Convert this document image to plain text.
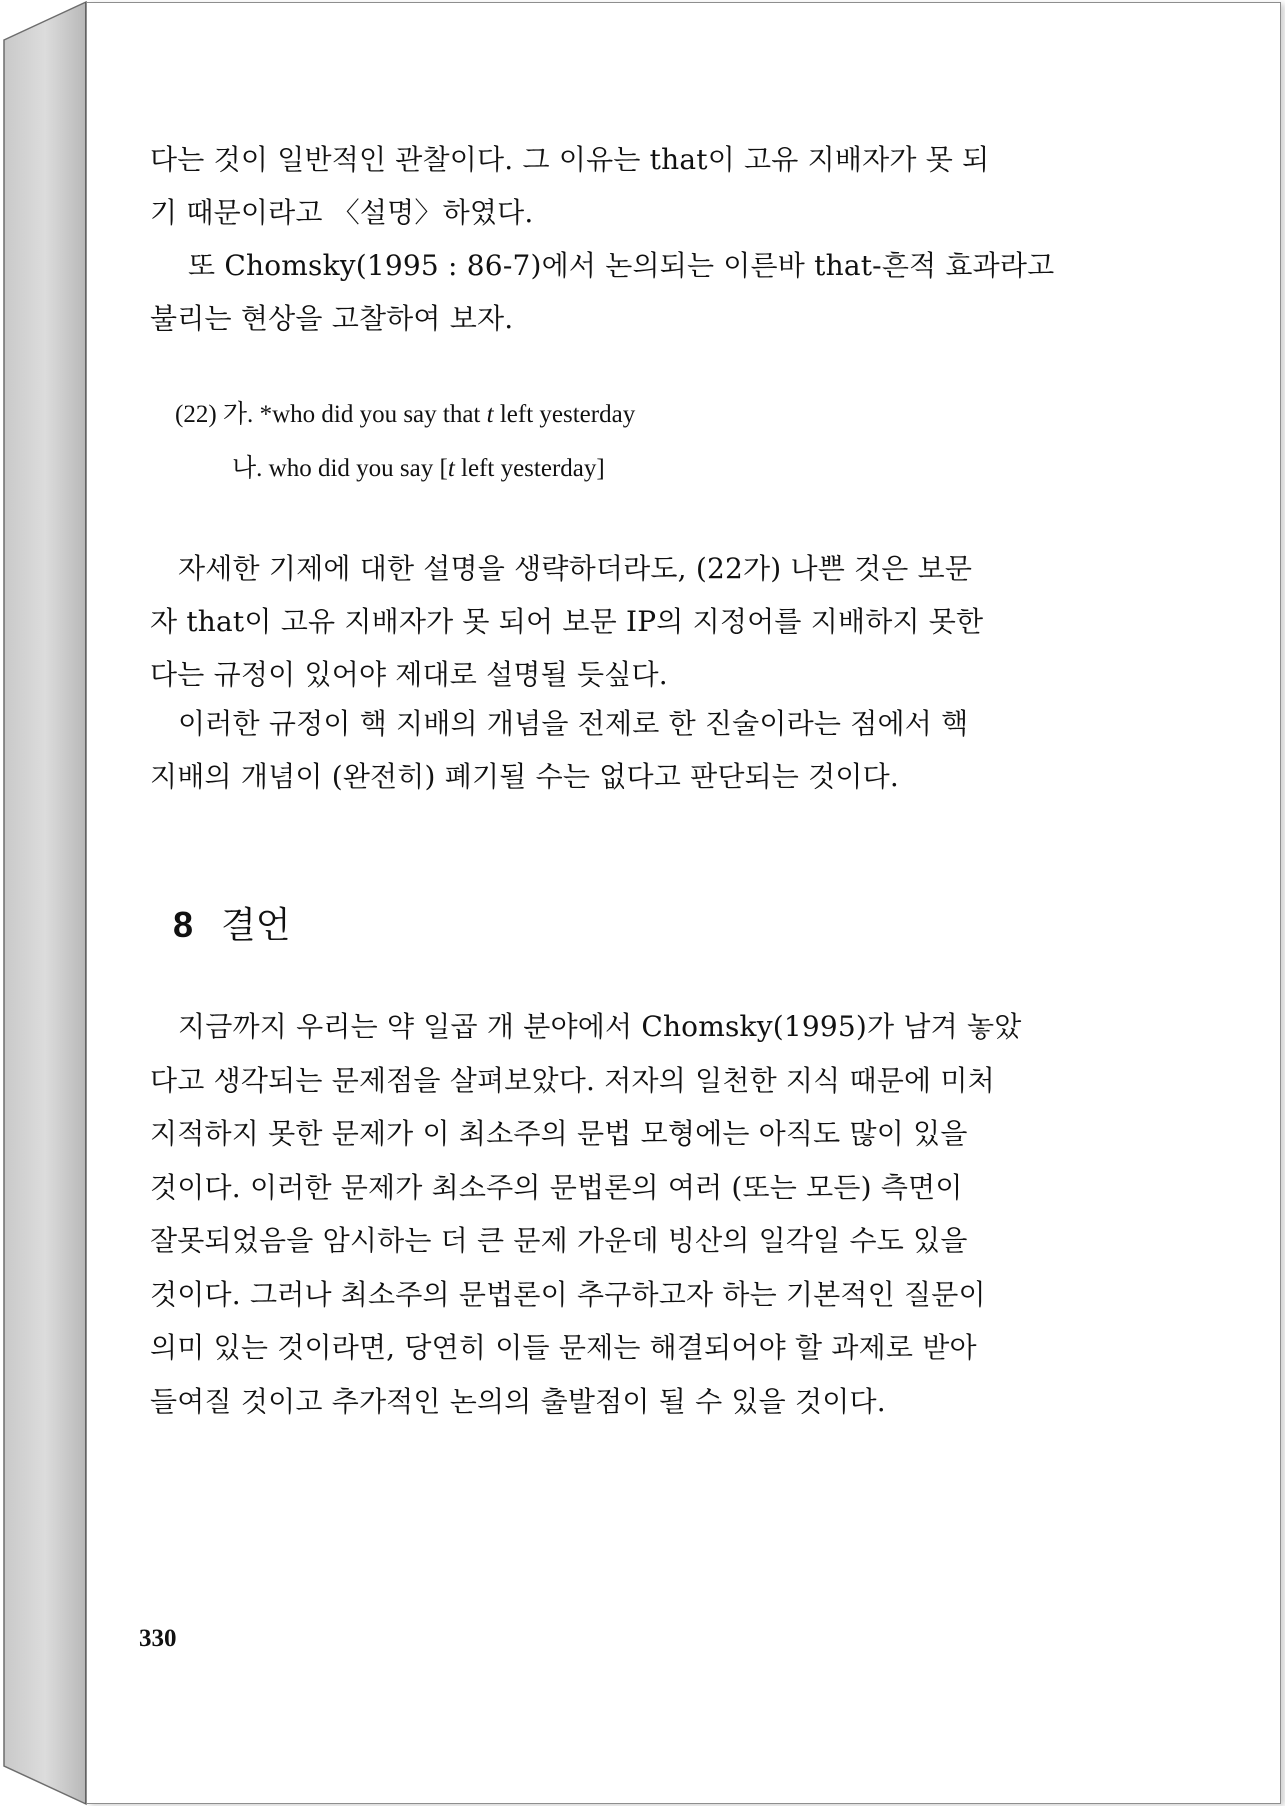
다는 것이 일반적인 관찰이다. 그 이유는 that이 고유 지배자가 못 되
기 때문이라고 〈설명〉하였다.

또 Chomsky(1995 : 86-7)에서 논의되는 이른바 that-흔적 효과라고
불리는 현상을 고찰하여 보자.

(22) 가. *who did you say that t left yesterday
나. who did you say [t left yesterday]

자세한 기제에 대한 설명을 생략하더라도, (22가) 나쁜 것은 보문
자 that이 고유 지배자가 못 되어 보문 IP의 지정어를 지배하지 못한
다는 규정이 있어야 제대로 설명될 듯싶다.

이러한 규정이 핵 지배의 개념을 전제로 한 진술이라는 점에서 핵
지배의 개념이 (완전히) 폐기될 수는 없다고 판단되는 것이다.

8 결언

지금까지 우리는 약 일곱 개 분야에서 Chomsky(1995)가 남겨 놓았
다고 생각되는 문제점을 살펴보았다. 저자의 일천한 지식 때문에 미처
지적하지 못한 문제가 이 최소주의 문법 모형에는 아직도 많이 있을
것이다. 이러한 문제가 최소주의 문법론의 여러 (또는 모든) 측면이
잘못되었음을 암시하는 더 큰 문제 가운데 빙산의 일각일 수도 있을
것이다. 그러나 최소주의 문법론이 추구하고자 하는 기본적인 질문이
의미 있는 것이라면, 당연히 이들 문제는 해결되어야 할 과제로 받아
들여질 것이고 추가적인 논의의 출발점이 될 수 있을 것이다.

330
